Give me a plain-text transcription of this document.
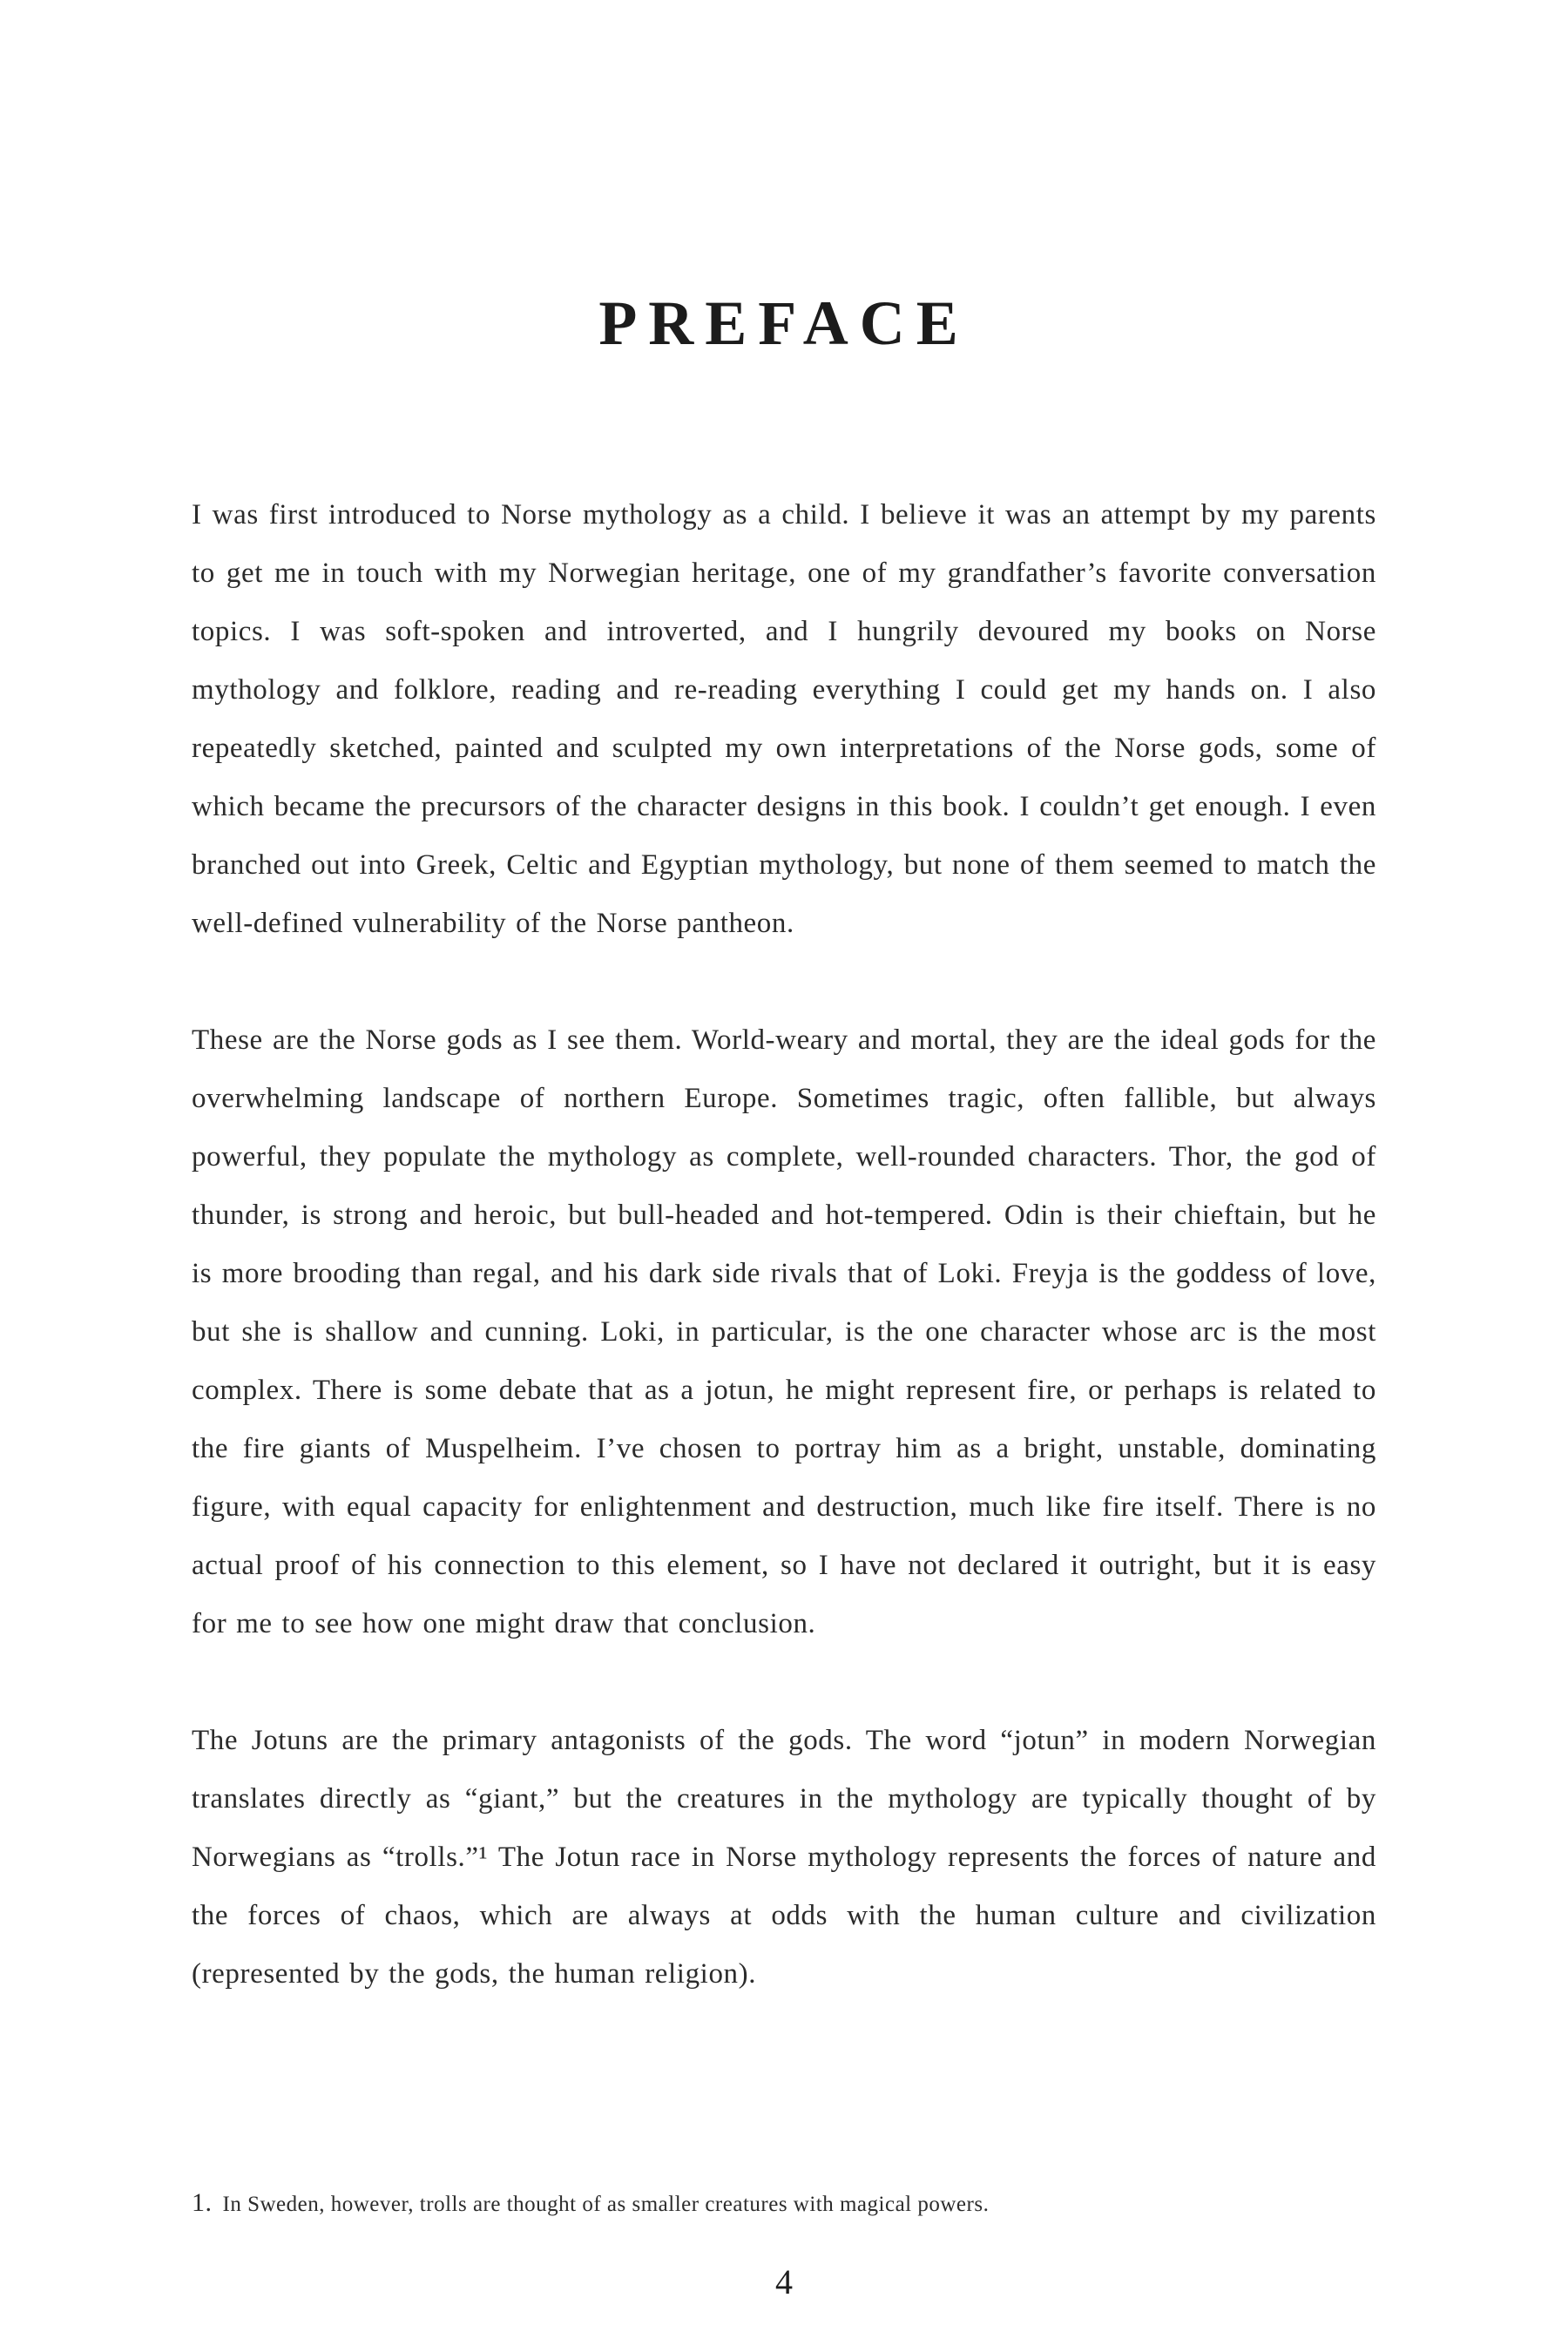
PREFACE

I was first introduced to Norse mythology as a child. I believe it was an attempt by my parents to get me in touch with my Norwegian heritage, one of my grandfather’s favorite conversation topics. I was soft-spoken and introverted, and I hungrily devoured my books on Norse mythology and folklore, reading and re-reading everything I could get my hands on. I also repeatedly sketched, painted and sculpted my own interpretations of the Norse gods, some of which became the precursors of the character designs in this book. I couldn’t get enough. I even branched out into Greek, Celtic and Egyptian mythology, but none of them seemed to match the well-defined vulnerability of the Norse pantheon.

These are the Norse gods as I see them. World-weary and mortal, they are the ideal gods for the overwhelming landscape of northern Europe. Sometimes tragic, often fallible, but always powerful, they populate the mythology as complete, well-rounded characters. Thor, the god of thunder, is strong and heroic, but bull-headed and hot-tempered. Odin is their chieftain, but he is more brooding than regal, and his dark side rivals that of Loki. Freyja is the goddess of love, but she is shallow and cunning. Loki, in particular, is the one character whose arc is the most complex. There is some debate that as a jotun, he might represent fire, or perhaps is related to the fire giants of Muspelheim. I’ve chosen to portray him as a bright, unstable, dominating figure, with equal capacity for enlightenment and destruction, much like fire itself. There is no actual proof of his connection to this element, so I have not declared it outright, but it is easy for me to see how one might draw that conclusion.

The Jotuns are the primary antagonists of the gods. The word “jotun” in modern Norwegian translates directly as “giant,” but the creatures in the mythology are typically thought of by Norwegians as “trolls.”¹ The Jotun race in Norse mythology represents the forces of nature and the forces of chaos, which are always at odds with the human culture and civilization (represented by the gods, the human religion).

1. In Sweden, however, trolls are thought of as smaller creatures with magical powers.
4
